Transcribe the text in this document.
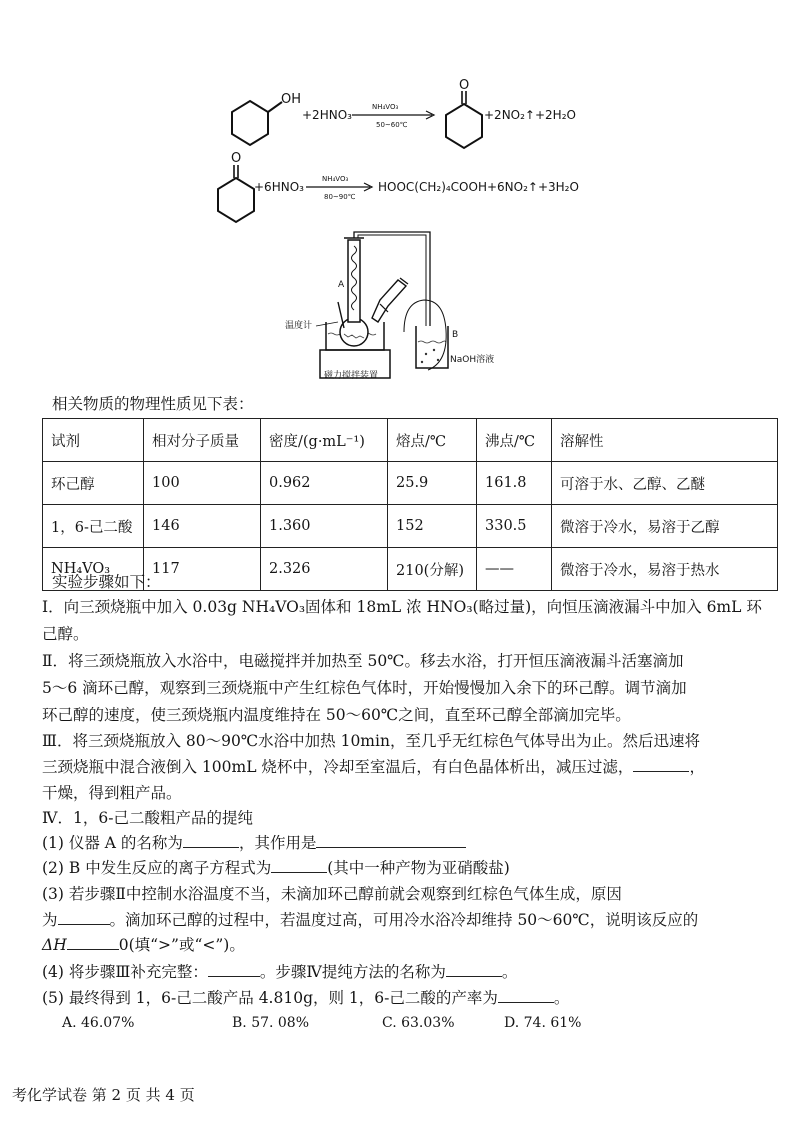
OH
+2HNO₃
NH₄VO₃
50~60℃
O
+2NO₂↑+2H₂O
O
+6HNO₃
NH₄VO₃
80~90℃
HOOC(CH₂)₄COOH+6NO₂↑+3H₂O
A
B
温度计
磁力搅拌装置
NaOH溶液
相关物质的物理性质见下表：
试剂	相对分子质量	密度/(g·mL⁻¹)	熔点/℃	沸点/℃	溶解性
环己醇	100	0.962	25.9	161.8	可溶于水、乙醇、乙醚
1，6-己二酸	146	1.360	152	330.5	微溶于冷水，易溶于乙醇
NH₄VO₃	117	2.326	210(分解)	——	微溶于冷水，易溶于热水
实验步骤如下：
Ⅰ．向三颈烧瓶中加入 0.03g NH₄VO₃固体和 18mL 浓 HNO₃(略过量)，向恒压滴液漏斗中加入 6mL 环
己醇。
Ⅱ．将三颈烧瓶放入水浴中，电磁搅拌并加热至 50℃。移去水浴，打开恒压滴液漏斗活塞滴加
5～6 滴环己醇，观察到三颈烧瓶中产生红棕色气体时，开始慢慢加入余下的环己醇。调节滴加
环己醇的速度，使三颈烧瓶内温度维持在 50～60℃之间，直至环己醇全部滴加完毕。
Ⅲ．将三颈烧瓶放入 80～90℃水浴中加热 10min，至几乎无红棕色气体导出为止。然后迅速将
三颈烧瓶中混合液倒入 100mL 烧杯中，冷却至室温后，有白色晶体析出，减压过滤，	，
干燥，得到粗产品。
Ⅳ．1，6-己二酸粗产品的提纯
(1) 仪器 A 的名称为	，其作用是
(2) B 中发生反应的离子方程式为	(其中一种产物为亚硝酸盐)
(3) 若步骤Ⅱ中控制水浴温度不当，未滴加环己醇前就会观察到红棕色气体生成，原因
为	。滴加环己醇的过程中，若温度过高，可用冷水浴冷却维持 50～60℃，说明该反应的
ΔH	0(填“>”或“<”)。
(4) 将步骤Ⅲ补充完整：	。步骤Ⅳ提纯方法的名称为	。
(5) 最终得到 1，6-己二酸产品 4.810g，则 1，6-己二酸的产率为	。
A. 46.07%	B. 57. 08%	C. 63.03%	D. 74. 61%
考化学试卷 第 2 页 共 4 页
